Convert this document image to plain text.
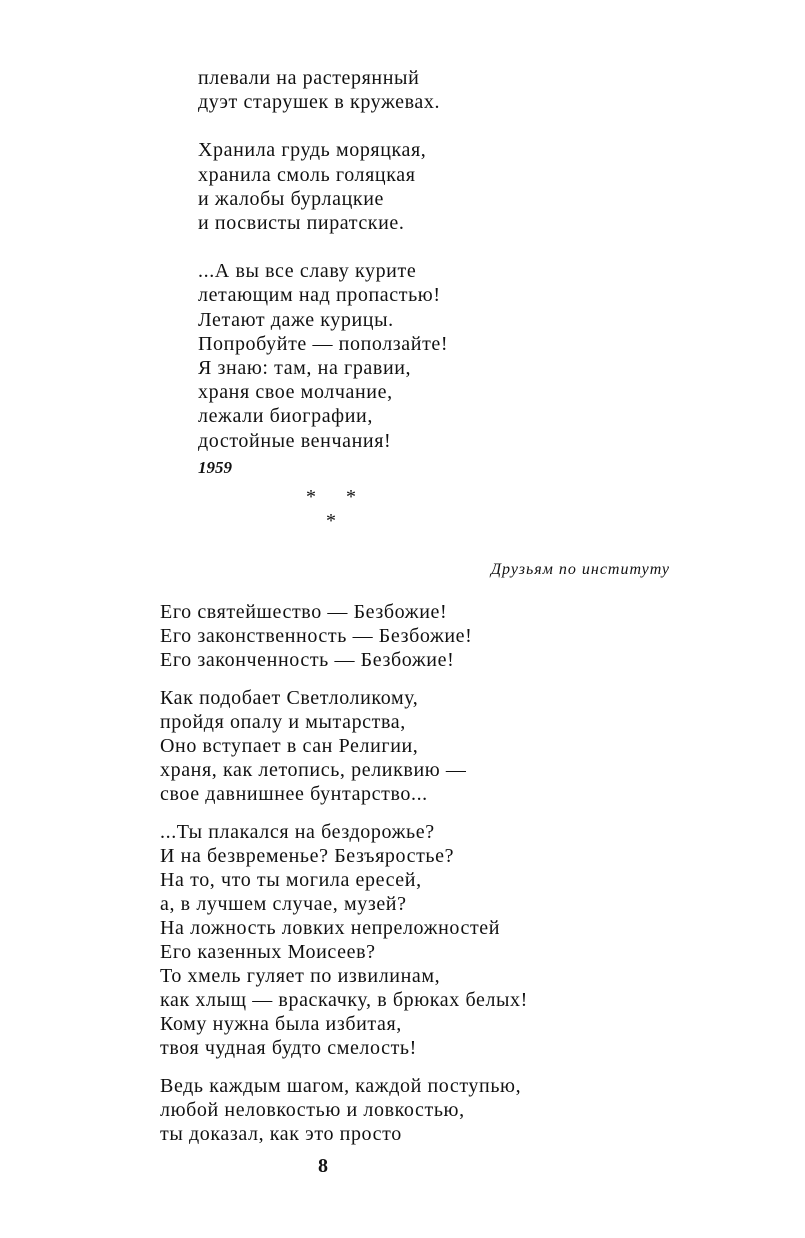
плевали на растерянный
дуэт старушек в кружевах.
Хранила грудь моряцкая,
хранила смоль голяцкая
и жалобы бурлацкие
и посвисты пиратские.
...А вы все славу курите
летающим над пропастью!
Летают даже курицы.
Попробуйте — поползайте!
Я знаю: там, на гравии,
храня свое молчание,
лежали биографии,
достойные венчания!
1959
* *
*
Друзьям по институту
Его святейшество — Безбожие!
Его законственность — Безбожие!
Его законченность — Безбожие!
Как подобает Светлоликому,
пройдя опалу и мытарства,
Оно вступает в сан Религии,
храня, как летопись, реликвию —
свое давнишнее бунтарство...
...Ты плакался на бездорожье?
И на безвременье? Безъяростье?
На то, что ты могила ересей,
а, в лучшем случае, музей?
На ложность ловких непреложностей
Его казенных Моисеев?
То хмель гуляет по извилинам,
как хлыщ — враскачку, в брюках белых!
Кому нужна была избитая,
твоя чудная будто смелость!
Ведь каждым шагом, каждой поступью,
любой неловкостью и ловкостью,
ты доказал, как это просто
8
